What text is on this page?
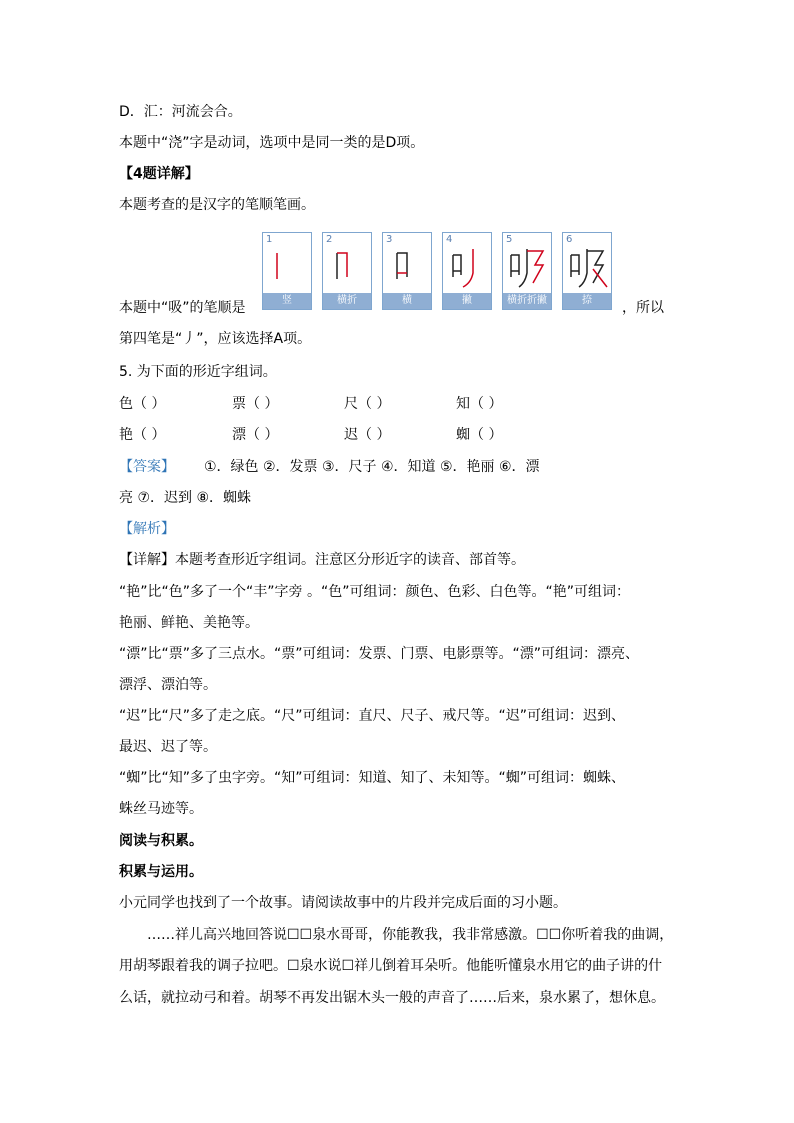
D．汇：河流会合。
本题中“浇”字是动词，选项中是同一类的是D项。
【4题详解】
本题考查的是汉字的笔顺笔画。
本题中“吸”的笔顺是
1
竖
2
横折
3
横
4
撇
5
横折折撇
6
捺	，所以
第四笔是“丿”，应该选择A项。
5. 为下面的形近字组词。
色（ ）	票（ ）	尺（ ）	知（ ）
艳（ ）	漂（ ）	迟（ ）	蜘（ ）
【答案】 ①．绿色 ②．发票 ③．尺子 ④．知道 ⑤．艳丽 ⑥．漂
亮 ⑦．迟到 ⑧．蜘蛛
【解析】
【详解】本题考查形近字组词。注意区分形近字的读音、部首等。
“艳”比“色”多了一个“丰”字旁 。“色”可组词：颜色、色彩、白色等。“艳”可组词：
艳丽、鲜艳、美艳等。
“漂”比“票”多了三点水。“票”可组词：发票、门票、电影票等。“漂”可组词：漂亮、
漂浮、漂泊等。
“迟”比“尺”多了走之底。“尺”可组词：直尺、尺子、戒尺等。“迟”可组词：迟到、
最迟、迟了等。
“蜘”比“知”多了虫字旁。“知”可组词：知道、知了、未知等。“蜘”可组词：蜘蛛、
蛛丝马迹等。
阅读与积累。
积累与运用。
小元同学也找到了一个故事。请阅读故事中的片段并完成后面的习小题。
……祥儿高兴地回答说☐☐泉水哥哥，你能教我，我非常感激。☐☐你听着我的曲调，
用胡琴跟着我的调子拉吧。☐泉水说☐祥儿倒着耳朵听。他能听懂泉水用它的曲子讲的什
么话，就拉动弓和着。胡琴不再发出锯木头一般的声音了……后来，泉水累了，想休息。
